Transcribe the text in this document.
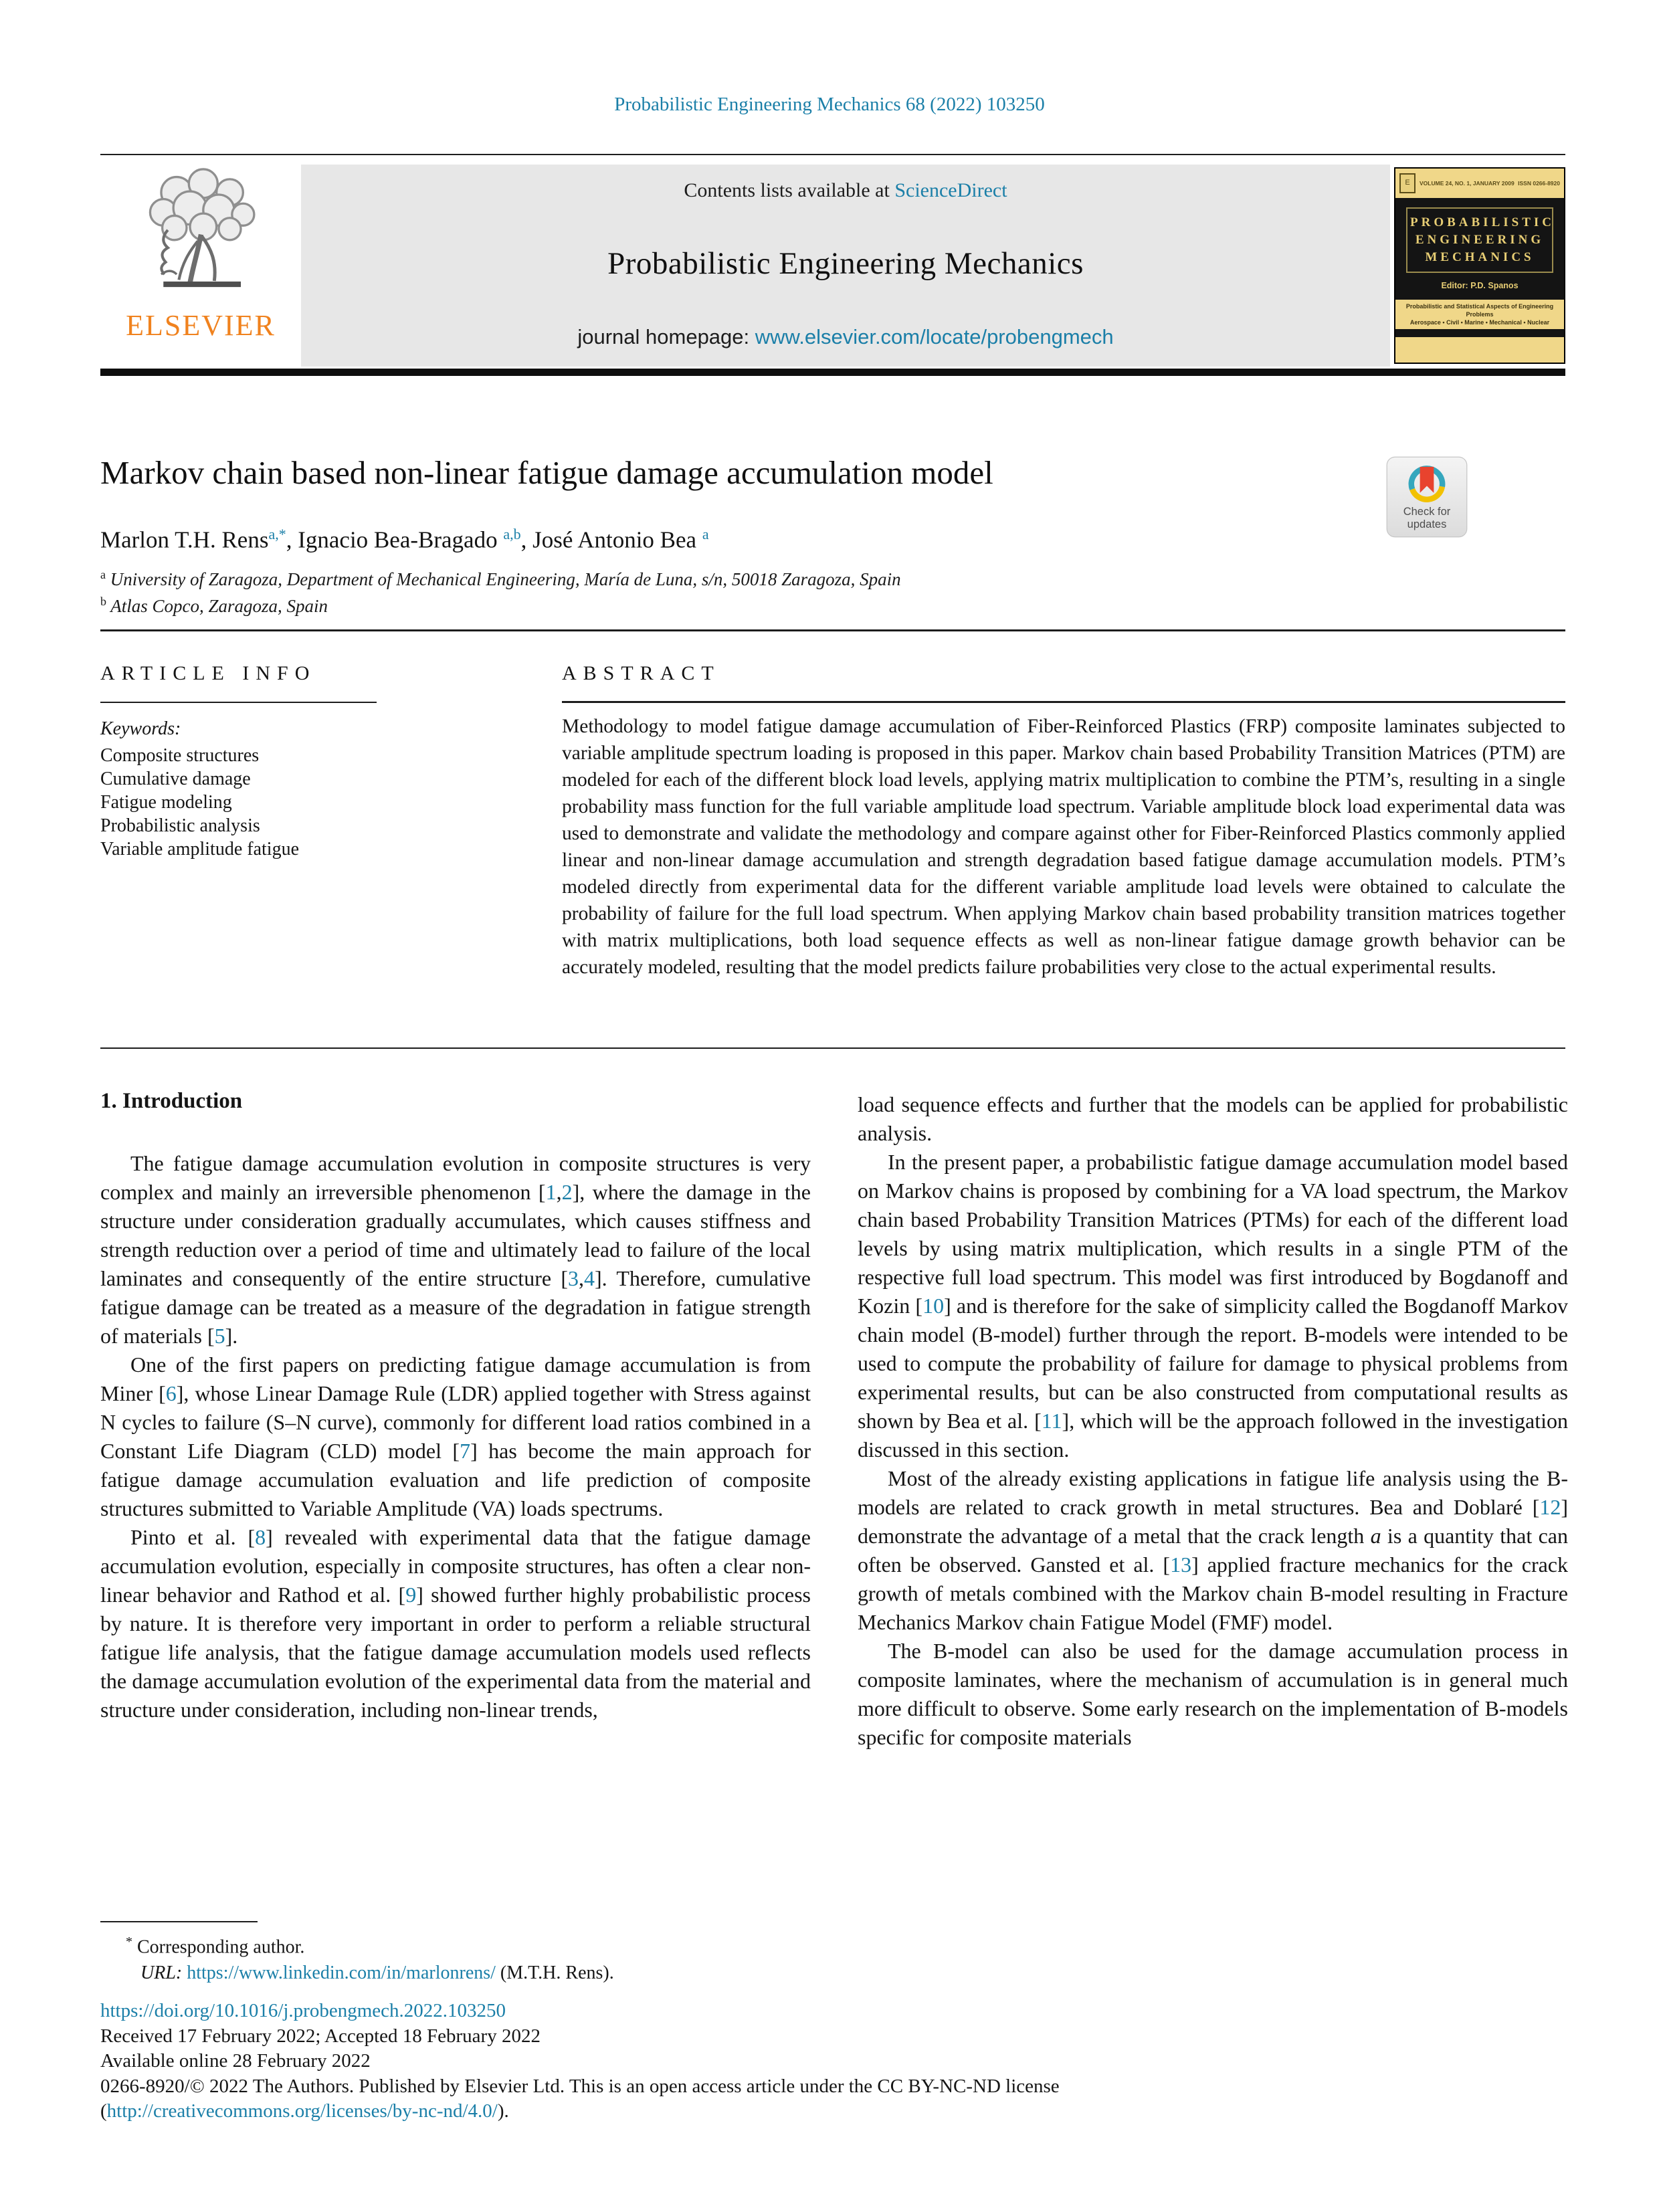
Probabilistic Engineering Mechanics 68 (2022) 103250
ELSEVIER
Contents lists available at ScienceDirect
Probabilistic Engineering Mechanics
journal homepage: www.elsevier.com/locate/probengmech
E	VOLUME 24, NO. 1, JANUARY 2009 ISSN 0266-8920
PROBABILISTIC
ENGINEERING
MECHANICS
Editor: P.D. Spanos
Probabilistic and Statistical Aspects of Engineering Problems
Aerospace • Civil • Marine • Mechanical • Nuclear
Markov chain based non-linear fatigue damage accumulation model
Check for
updates
Marlon T.H. Rens$^{a,*}$, Ignacio Bea-Bragado $^{a,b}$, José Antonio Bea $^a$
$^a$ University of Zaragoza, Department of Mechanical Engineering, María de Luna, s/n, 50018 Zaragoza, Spain
$^b$ Atlas Copco, Zaragoza, Spain
ARTICLE INFO	ABSTRACT
Keywords:
Composite structures
Cumulative damage
Fatigue modeling
Probabilistic analysis
Variable amplitude fatigue
Methodology to model fatigue damage accumulation of Fiber-Reinforced Plastics (FRP) composite laminates subjected to variable amplitude spectrum loading is proposed in this paper. Markov chain based Probability Transition Matrices (PTM) are modeled for each of the different block load levels, applying matrix multiplication to combine the PTM’s, resulting in a single probability mass function for the full variable amplitude load spectrum. Variable amplitude block load experimental data was used to demonstrate and validate the methodology and compare against other for Fiber-Reinforced Plastics commonly applied linear and non-linear damage accumulation and strength degradation based fatigue damage accumulation models. PTM’s modeled directly from experimental data for the different variable amplitude load levels were obtained to calculate the probability of failure for the full load spectrum. When applying Markov chain based probability transition matrices together with matrix multiplications, both load sequence effects as well as non-linear fatigue damage growth behavior can be accurately modeled, resulting that the model predicts failure probabilities very close to the actual experimental results.
1. Introduction

The fatigue damage accumulation evolution in composite structures is very complex and mainly an irreversible phenomenon [1,2], where the damage in the structure under consideration gradually accumulates, which causes stiffness and strength reduction over a period of time and ultimately lead to failure of the local laminates and consequently of the entire structure [3,4]. Therefore, cumulative fatigue damage can be treated as a measure of the degradation in fatigue strength of materials [5].

One of the first papers on predicting fatigue damage accumulation is from Miner [6], whose Linear Damage Rule (LDR) applied together with Stress against N cycles to failure (S–N curve), commonly for different load ratios combined in a Constant Life Diagram (CLD) model [7] has become the main approach for fatigue damage accumulation evaluation and life prediction of composite structures submitted to Variable Amplitude (VA) loads spectrums.

Pinto et al. [8] revealed with experimental data that the fatigue damage accumulation evolution, especially in composite structures, has often a clear non-linear behavior and Rathod et al. [9] showed further highly probabilistic process by nature. It is therefore very important in order to perform a reliable structural fatigue life analysis, that the fatigue damage accumulation models used reflects the damage accumulation evolution of the experimental data from the material and structure under consideration, including non-linear trends,

load sequence effects and further that the models can be applied for probabilistic analysis.

In the present paper, a probabilistic fatigue damage accumulation model based on Markov chains is proposed by combining for a VA load spectrum, the Markov chain based Probability Transition Matrices (PTMs) for each of the different load levels by using matrix multiplication, which results in a single PTM of the respective full load spectrum. This model was first introduced by Bogdanoff and Kozin [10] and is therefore for the sake of simplicity called the Bogdanoff Markov chain model (B-model) further through the report. B-models were intended to be used to compute the probability of failure for damage to physical problems from experimental results, but can be also constructed from computational results as shown by Bea et al. [11], which will be the approach followed in the investigation discussed in this section.

Most of the already existing applications in fatigue life analysis using the B-models are related to crack growth in metal structures. Bea and Doblaré [12] demonstrate the advantage of a metal that the crack length a is a quantity that can often be observed. Gansted et al. [13] applied fracture mechanics for the crack growth of metals combined with the Markov chain B-model resulting in Fracture Mechanics Markov chain Fatigue Model (FMF) model.

The B-model can also be used for the damage accumulation process in composite laminates, where the mechanism of accumulation is in general much more difficult to observe. Some early research on the implementation of B-models specific for composite materials

* Corresponding author.
URL: https://www.linkedin.com/in/marlonrens/ (M.T.H. Rens).
https://doi.org/10.1016/j.probengmech.2022.103250
Received 17 February 2022; Accepted 18 February 2022
Available online 28 February 2022
0266-8920/© 2022 The Authors. Published by Elsevier Ltd. This is an open access article under the CC BY-NC-ND license
(http://creativecommons.org/licenses/by-nc-nd/4.0/).
